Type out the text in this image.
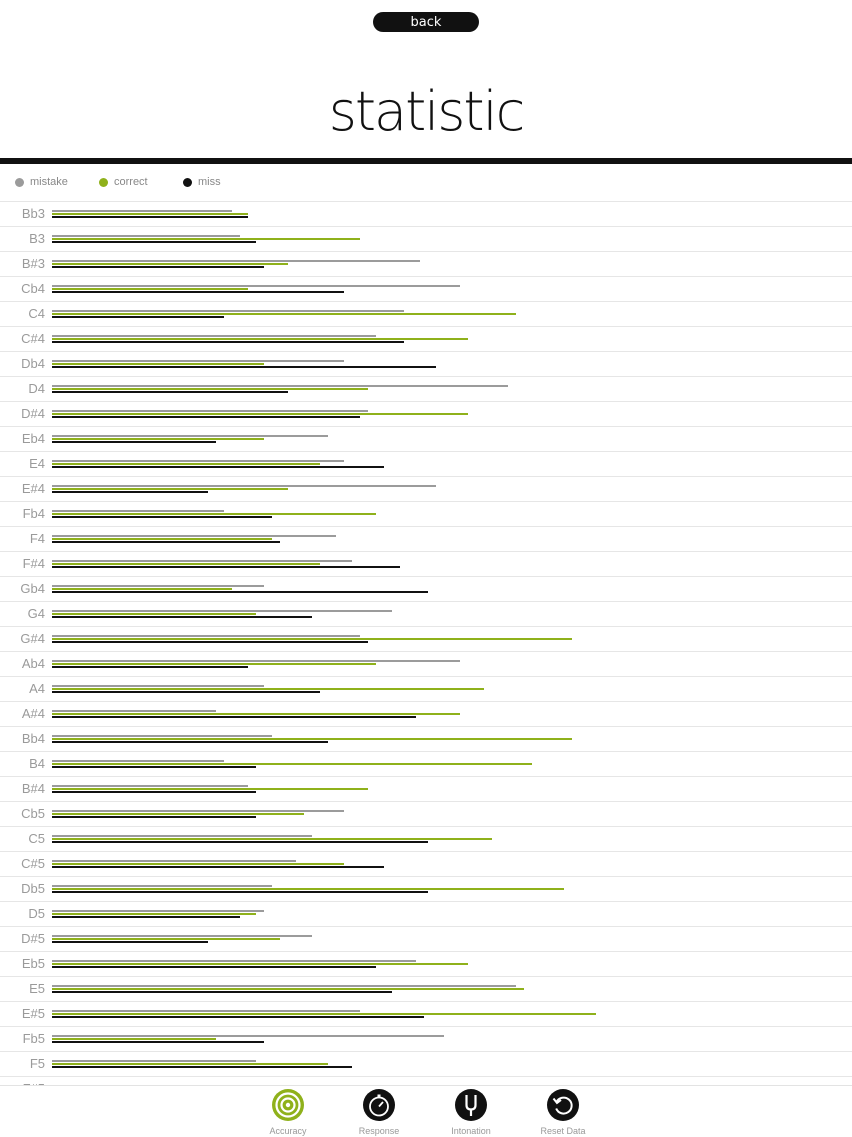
back
statistic
mistake	correct	miss
Bb3
B3
B#3
Cb4
C4
C#4
Db4
D4
D#4
Eb4
E4
E#4
Fb4
F4
F#4
Gb4
G4
G#4
Ab4
A4
A#4
Bb4
B4
B#4
Cb5
C5
C#5
Db5
D5
D#5
Eb5
E5
E#5
Fb5
F5
Accuracy	Response	Intonation	Reset Data
